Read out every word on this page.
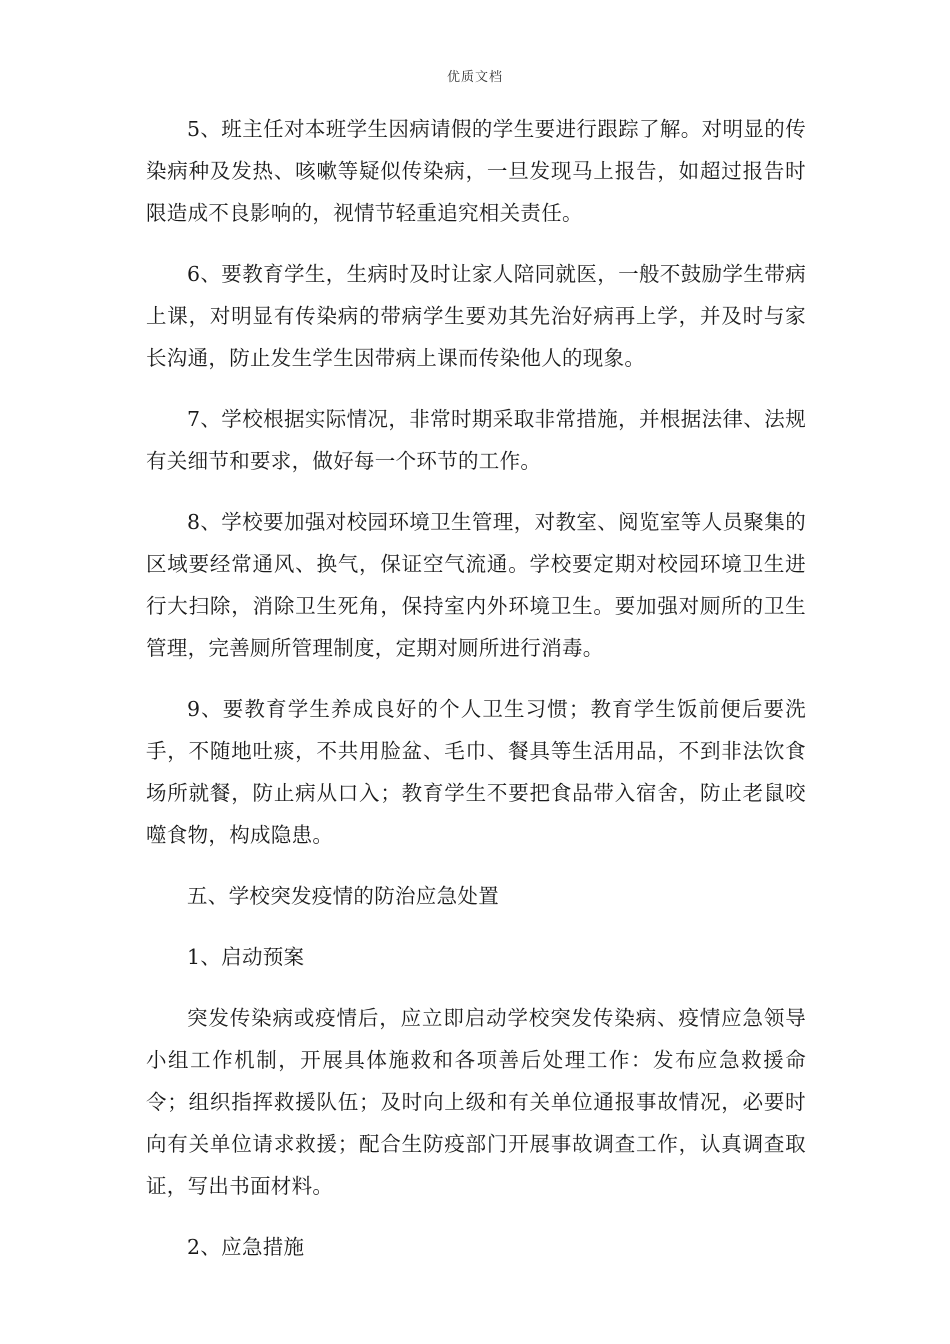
优质文档

5、班主任对本班学生因病请假的学生要进行跟踪了解。对明显的传染病种及发热、咳嗽等疑似传染病，一旦发现马上报告，如超过报告时限造成不良影响的，视情节轻重追究相关责任。

6、要教育学生，生病时及时让家人陪同就医，一般不鼓励学生带病上课，对明显有传染病的带病学生要劝其先治好病再上学，并及时与家长沟通，防止发生学生因带病上课而传染他人的现象。

7、学校根据实际情况，非常时期采取非常措施，并根据法律、法规有关细节和要求，做好每一个环节的工作。

8、学校要加强对校园环境卫生管理，对教室、阅览室等人员聚集的区域要经常通风、换气，保证空气流通。学校要定期对校园环境卫生进行大扫除，消除卫生死角，保持室内外环境卫生。要加强对厕所的卫生管理，完善厕所管理制度，定期对厕所进行消毒。

9、要教育学生养成良好的个人卫生习惯；教育学生饭前便后要洗手，不随地吐痰，不共用脸盆、毛巾、餐具等生活用品，不到非法饮食场所就餐，防止病从口入；教育学生不要把食品带入宿舍，防止老鼠咬噬食物，构成隐患。

五、学校突发疫情的防治应急处置

1、启动预案

突发传染病或疫情后，应立即启动学校突发传染病、疫情应急领导小组工作机制，开展具体施救和各项善后处理工作：发布应急救援命令；组织指挥救援队伍；及时向上级和有关单位通报事故情况，必要时向有关单位请求救援；配合生防疫部门开展事故调查工作，认真调查取证，写出书面材料。

2、应急措施
